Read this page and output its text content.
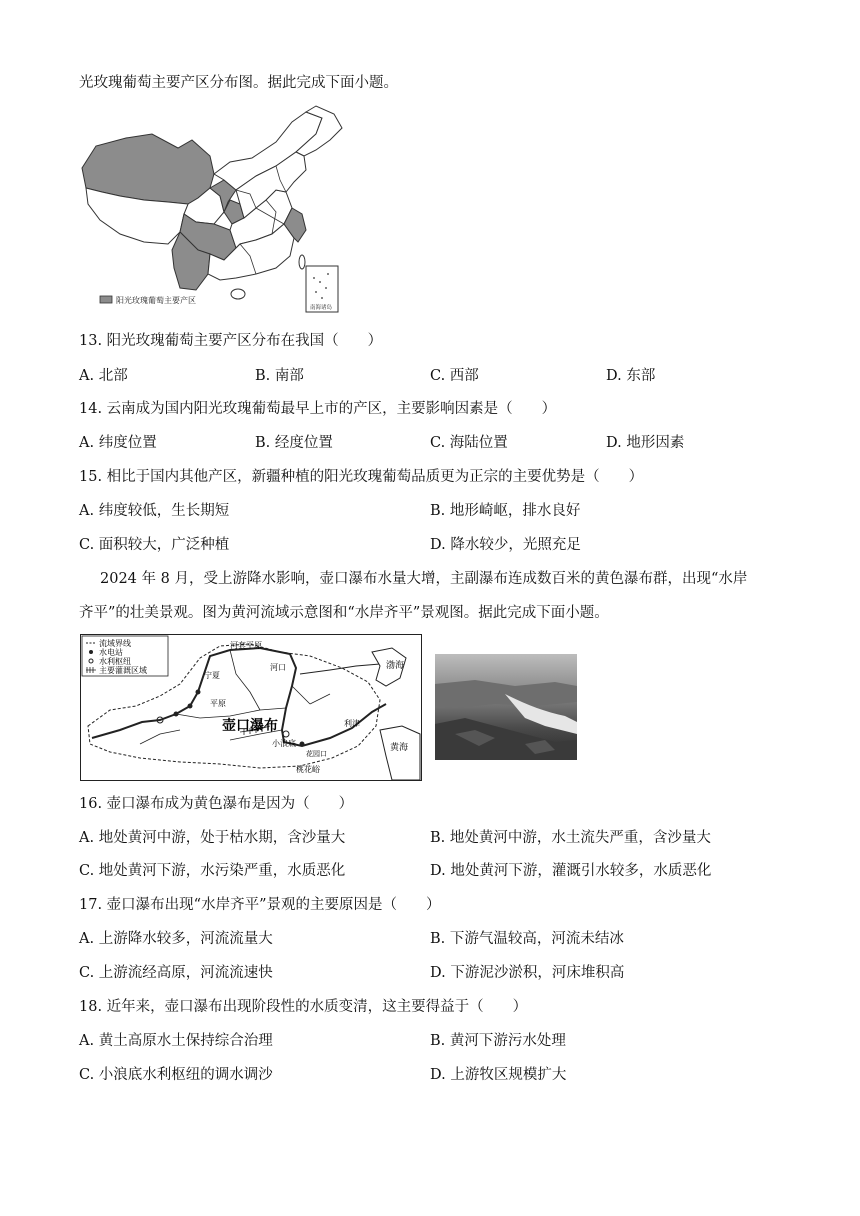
光玫瑰葡萄主要产区分布图。据此完成下面小题。
南海诸岛
阳光玫瑰葡萄主要产区
13. 阳光玫瑰葡萄主要产区分布在我国（　　）
A. 北部	B. 南部	C. 西部	D. 东部
14. 云南成为国内阳光玫瑰葡萄最早上市的产区，主要影响因素是（　　）
A. 纬度位置	B. 经度位置	C. 海陆位置	D. 地形因素
15. 相比于国内其他产区，新疆种植的阳光玫瑰葡萄品质更为正宗的主要优势是（　　）
A. 纬度较低，生长期短	B. 地形崎岖，排水良好
C. 面积较大，广泛种植	D. 降水较少，光照充足
2024 年 8 月，受上游降水影响，壶口瀑布水量大增，主副瀑布连成数百米的黄色瀑布群，出现“水岸
齐平”的壮美景观。图为黄河流域示意图和“水岸齐平”景观图。据此完成下面小题。
流域界线
水电站
水利枢纽
主要灌溉区域
河套平原
宁夏
平原
壶口瀑布
河口	渤海
利津
黄海
小浪底
花园口
桃花峪
16. 壶口瀑布成为黄色瀑布是因为（　　）
A. 地处黄河中游，处于枯水期，含沙量大	B. 地处黄河中游，水土流失严重，含沙量大
C. 地处黄河下游，水污染严重，水质恶化	D. 地处黄河下游，灌溉引水较多，水质恶化
17. 壶口瀑布出现“水岸齐平”景观的主要原因是（　　）
A. 上游降水较多，河流流量大	B. 下游气温较高，河流未结冰
C. 上游流经高原，河流流速快	D. 下游泥沙淤积，河床堆积高
18. 近年来，壶口瀑布出现阶段性的水质变清，这主要得益于（　　）
A. 黄土高原水土保持综合治理	B. 黄河下游污水处理
C. 小浪底水利枢纽的调水调沙	D. 上游牧区规模扩大
